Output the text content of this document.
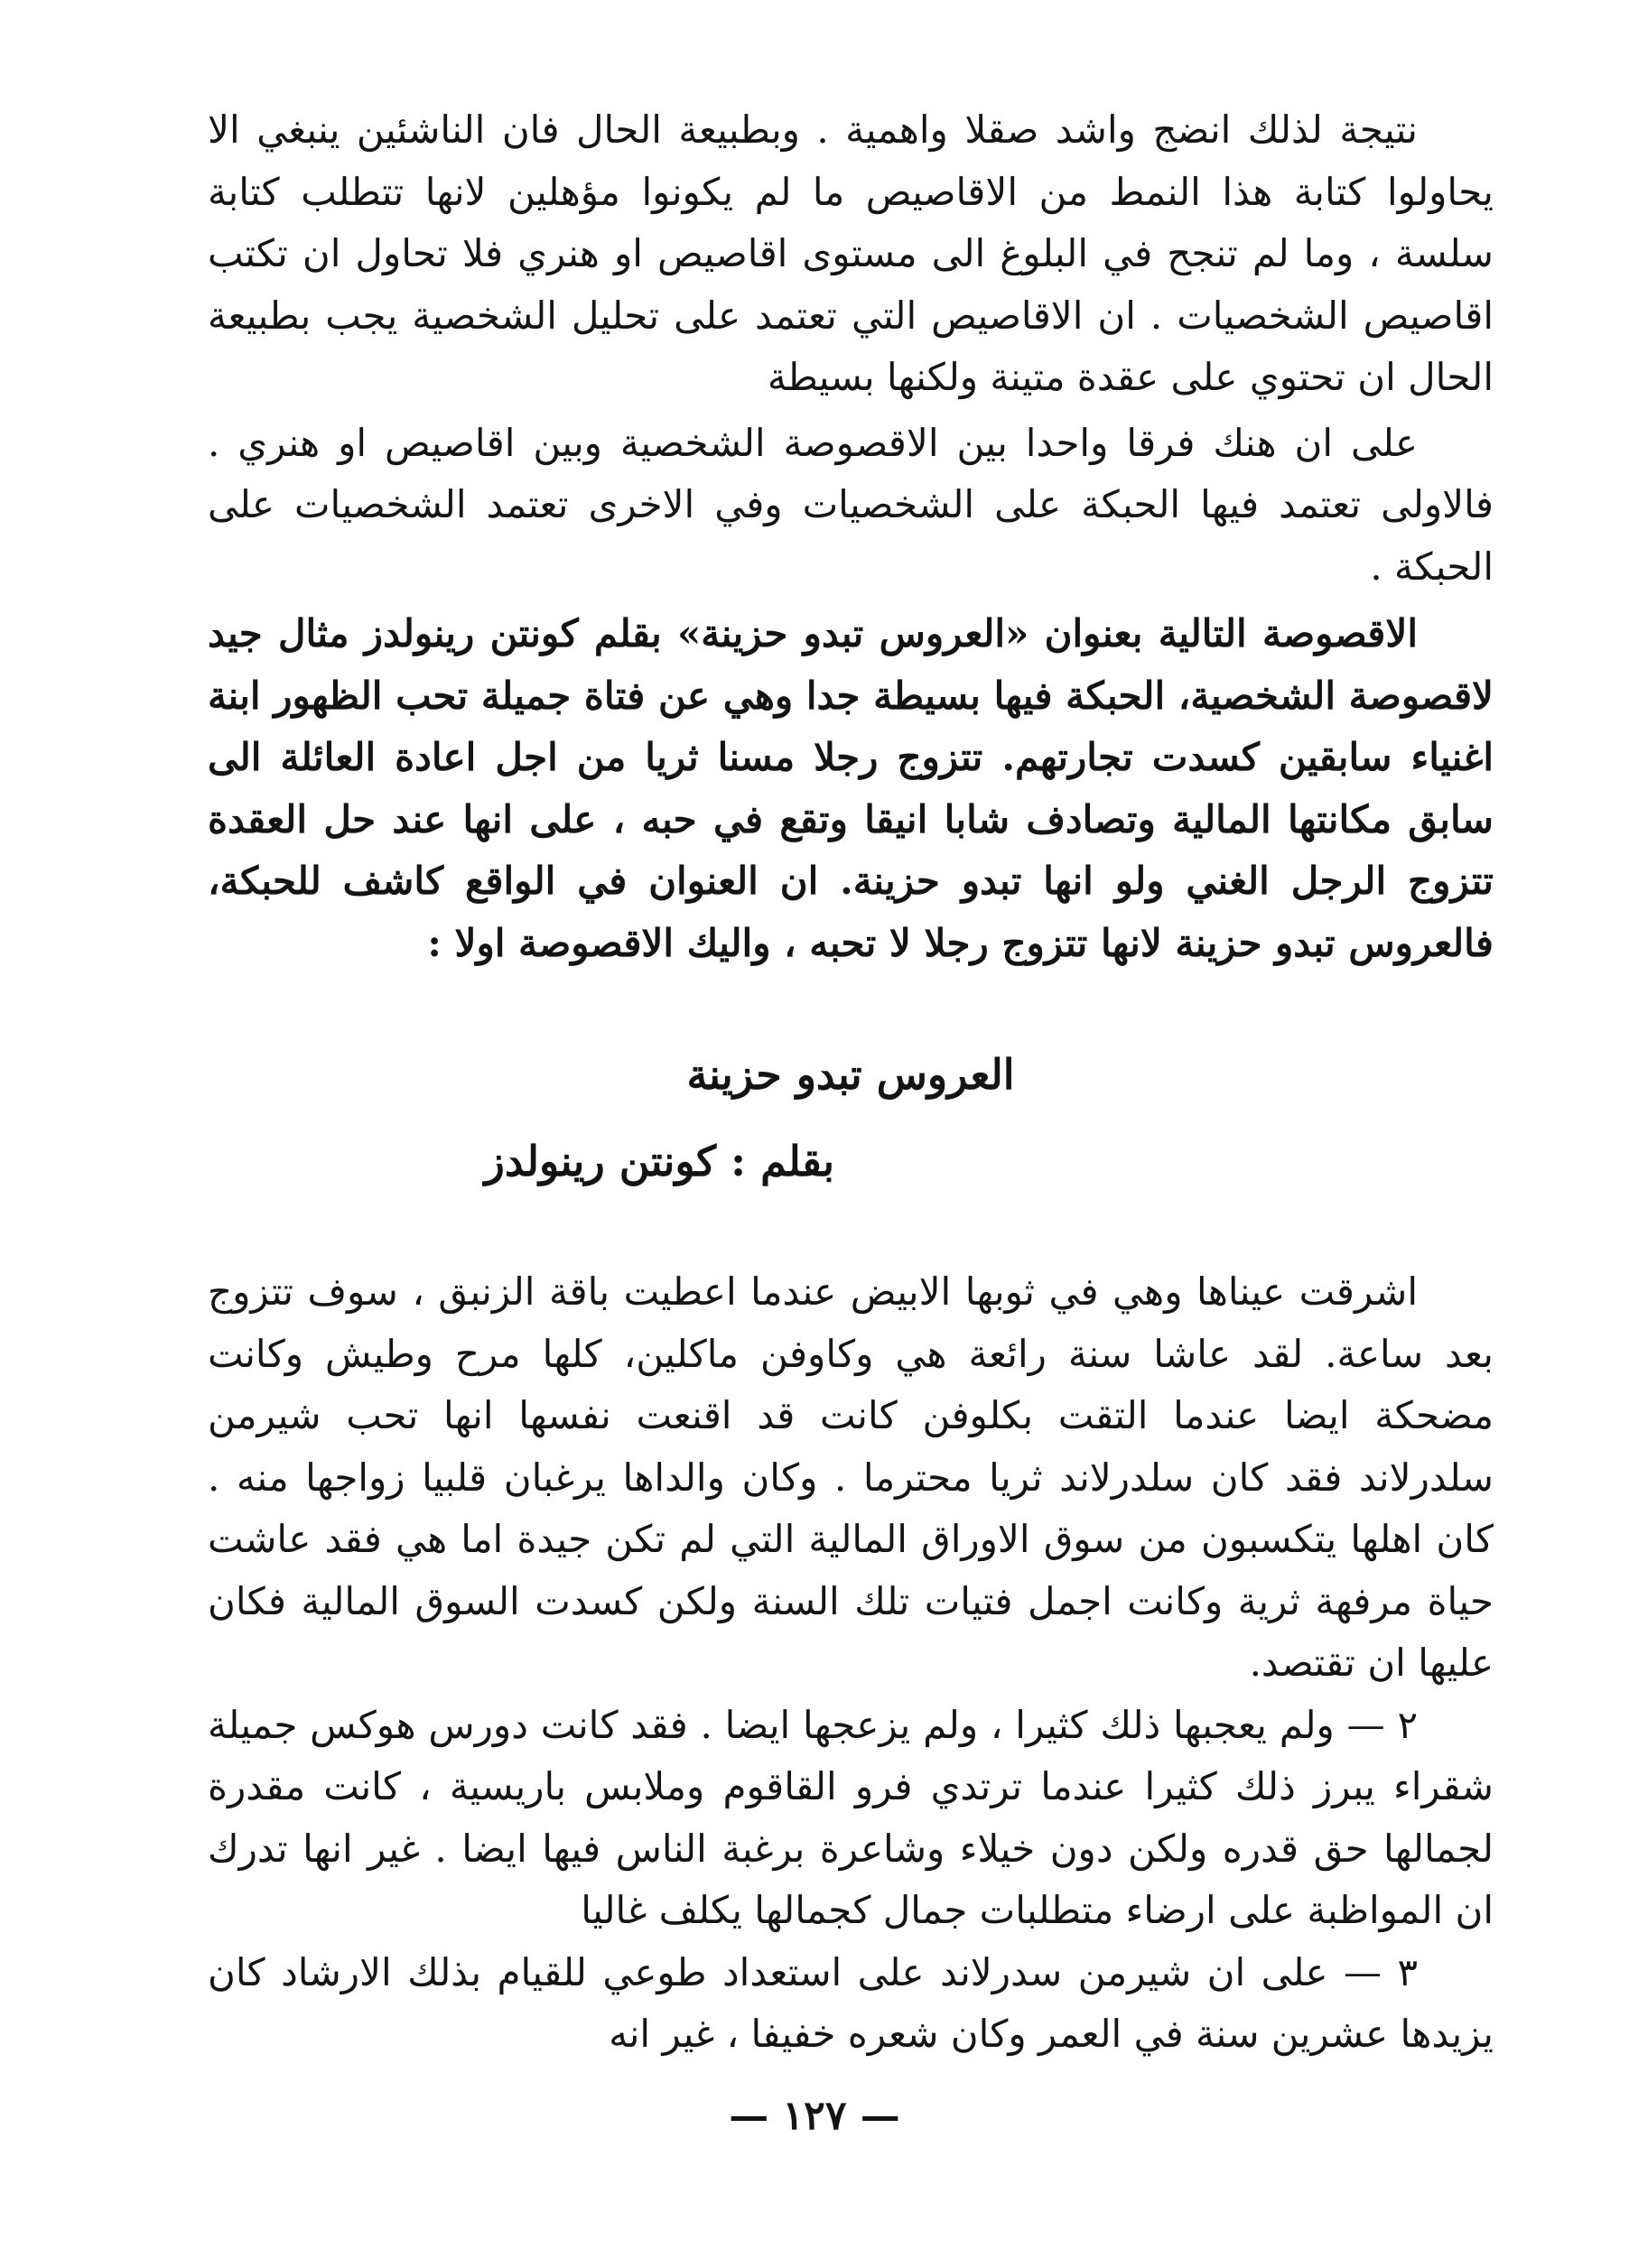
نتيجة لذلك انضج واشد صقلا واهمية . وبطبيعة الحال فان الناشئين ينبغي الا يحاولوا كتابة هذا النمط من الاقاصيص ما لم يكونوا مؤهلين لانها تتطلب كتابة سلسة ، وما لم تنجح في البلوغ الى مستوى اقاصيص او هنري فلا تحاول ان تكتب اقاصيص الشخصيات . ان الاقاصيص التي تعتمد على تحليل الشخصية يجب بطبيعة الحال ان تحتوي على عقدة متينة ولكنها بسيطة

على ان هنك فرقا واحدا بين الاقصوصة الشخصية وبين اقاصيص او هنري . فالاولى تعتمد فيها الحبكة على الشخصيات وفي الاخرى تعتمد الشخصيات على الحبكة .

الاقصوصة التالية بعنوان «العروس تبدو حزينة» بقلم كونتن رينولدز مثال جيد لاقصوصة الشخصية، الحبكة فيها بسيطة جدا وهي عن فتاة جميلة تحب الظهور ابنة اغنياء سابقين كسدت تجارتهم. تتزوج رجلا مسنا ثريا من اجل اعادة العائلة الى سابق مكانتها المالية وتصادف شابا انيقا وتقع في حبه ، على انها عند حل العقدة تتزوج الرجل الغني ولو انها تبدو حزينة. ان العنوان في الواقع كاشف للحبكة، فالعروس تبدو حزينة لانها تتزوج رجلا لا تحبه ، واليك الاقصوصة اولا :

العروس تبدو حزينة
بقلم : كونتن رينولدز

اشرقت عيناها وهي في ثوبها الابيض عندما اعطيت باقة الزنبق ، سوف تتزوج بعد ساعة. لقد عاشا سنة رائعة هي وكاوفن ماكلين، كلها مرح وطيش وكانت مضحكة ايضا عندما التقت بكلوفن كانت قد اقنعت نفسها انها تحب شيرمن سلدرلاند فقد كان سلدرلاند ثريا محترما . وكان والداها يرغبان قلبيا زواجها منه . كان اهلها يتكسبون من سوق الاوراق المالية التي لم تكن جيدة اما هي فقد عاشت حياة مرفهة ثرية وكانت اجمل فتيات تلك السنة ولكن كسدت السوق المالية فكان عليها ان تقتصد.

٢ — ولم يعجبها ذلك كثيرا ، ولم يزعجها ايضا . فقد كانت دورس هوكس جميلة شقراء يبرز ذلك كثيرا عندما ترتدي فرو القاقوم وملابس باريسية ، كانت مقدرة لجمالها حق قدره ولكن دون خيلاء وشاعرة برغبة الناس فيها ايضا . غير انها تدرك ان المواظبة على ارضاء متطلبات جمال كجمالها يكلف غاليا

٣ — على ان شيرمن سدرلاند على استعداد طوعي للقيام بذلك الارشاد كان يزيدها عشرين سنة في العمر وكان شعره خفيفا ، غير انه

— ١٢٧ —
